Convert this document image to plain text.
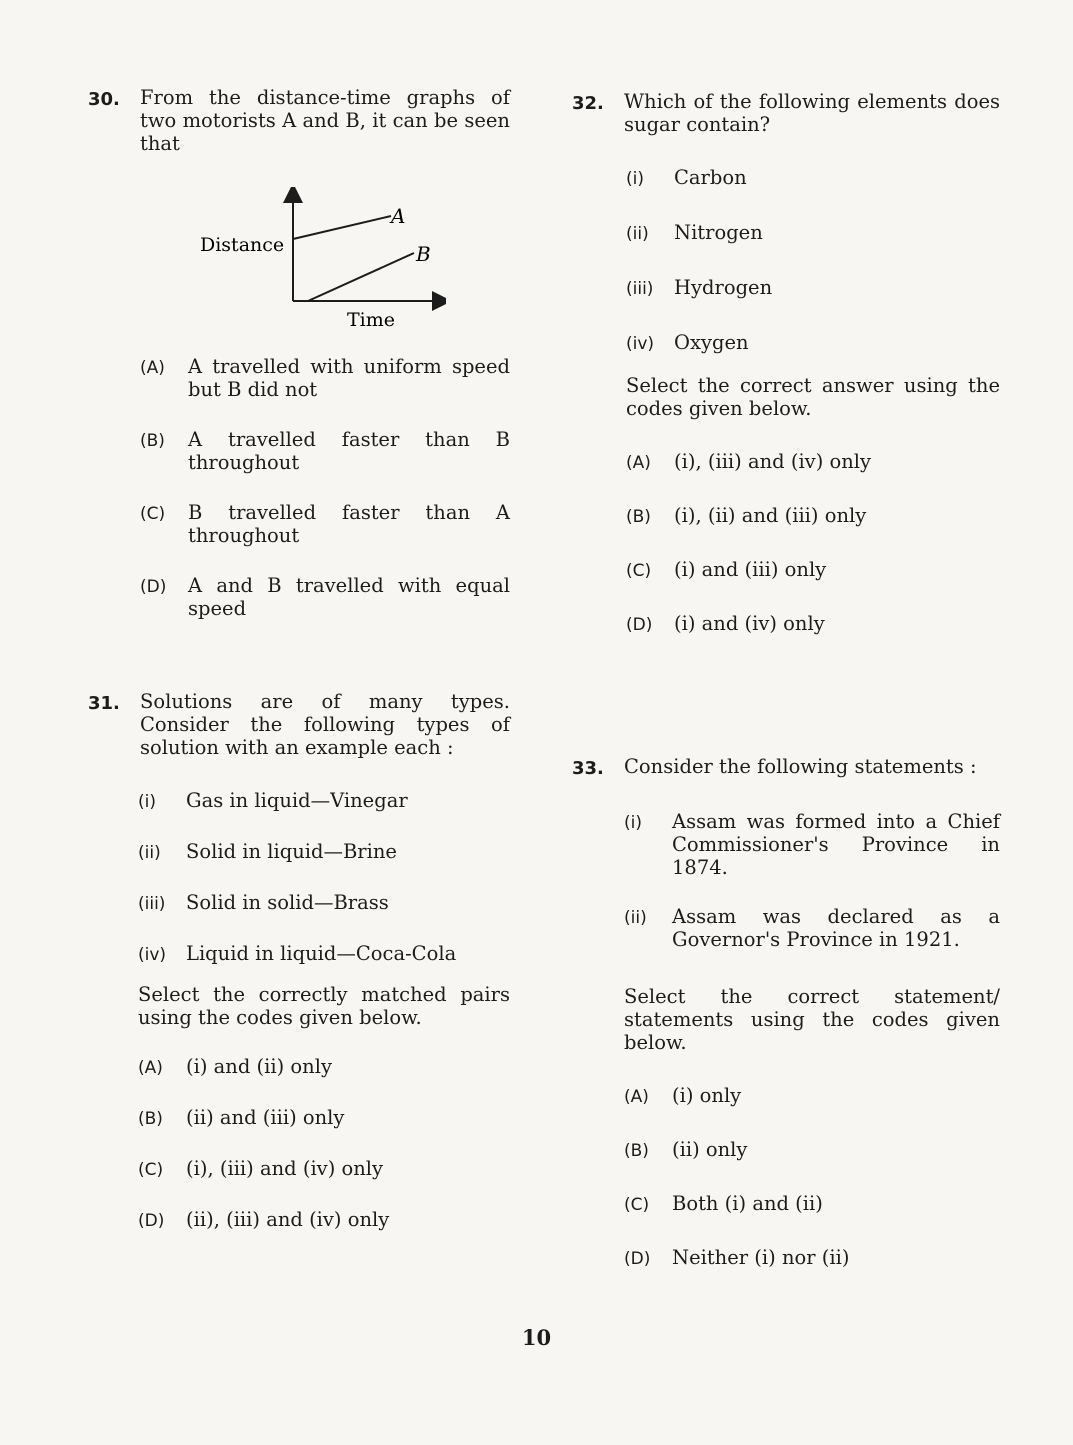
30.	From the distance-time graphs of two motorists A and B, it can be seen that
A
B
Distance
Time
(A)	A travelled with uniform speed but B did not
(B)	A travelled faster than B throughout
(C)	B travelled faster than A throughout
(D)	A and B travelled with equal speed
31.	Solutions are of many types. Consider the following types of solution with an example each :
(i)	Gas in liquid—Vinegar
(ii)	Solid in liquid—Brine
(iii)	Solid in solid—Brass
(iv)	Liquid in liquid—Coca-Cola
Select the correctly matched pairs using the codes given below.
(A)	(i) and (ii) only
(B)	(ii) and (iii) only
(C)	(i), (iii) and (iv) only
(D)	(ii), (iii) and (iv) only
32.	Which of the following elements does sugar contain?
(i)	Carbon
(ii)	Nitrogen
(iii)	Hydrogen
(iv)	Oxygen
Select the correct answer using the codes given below.
(A)	(i), (iii) and (iv) only
(B)	(i), (ii) and (iii) only
(C)	(i) and (iii) only
(D)	(i) and (iv) only
33.	Consider the following statements :
(i)	Assam was formed into a Chief Commissioner's Province in 1874.
(ii)	Assam was declared as a Governor's Province in 1921.
Select the correct statement/ statements using the codes given below.
(A)	(i) only
(B)	(ii) only
(C)	Both (i) and (ii)
(D)	Neither (i) nor (ii)
10
